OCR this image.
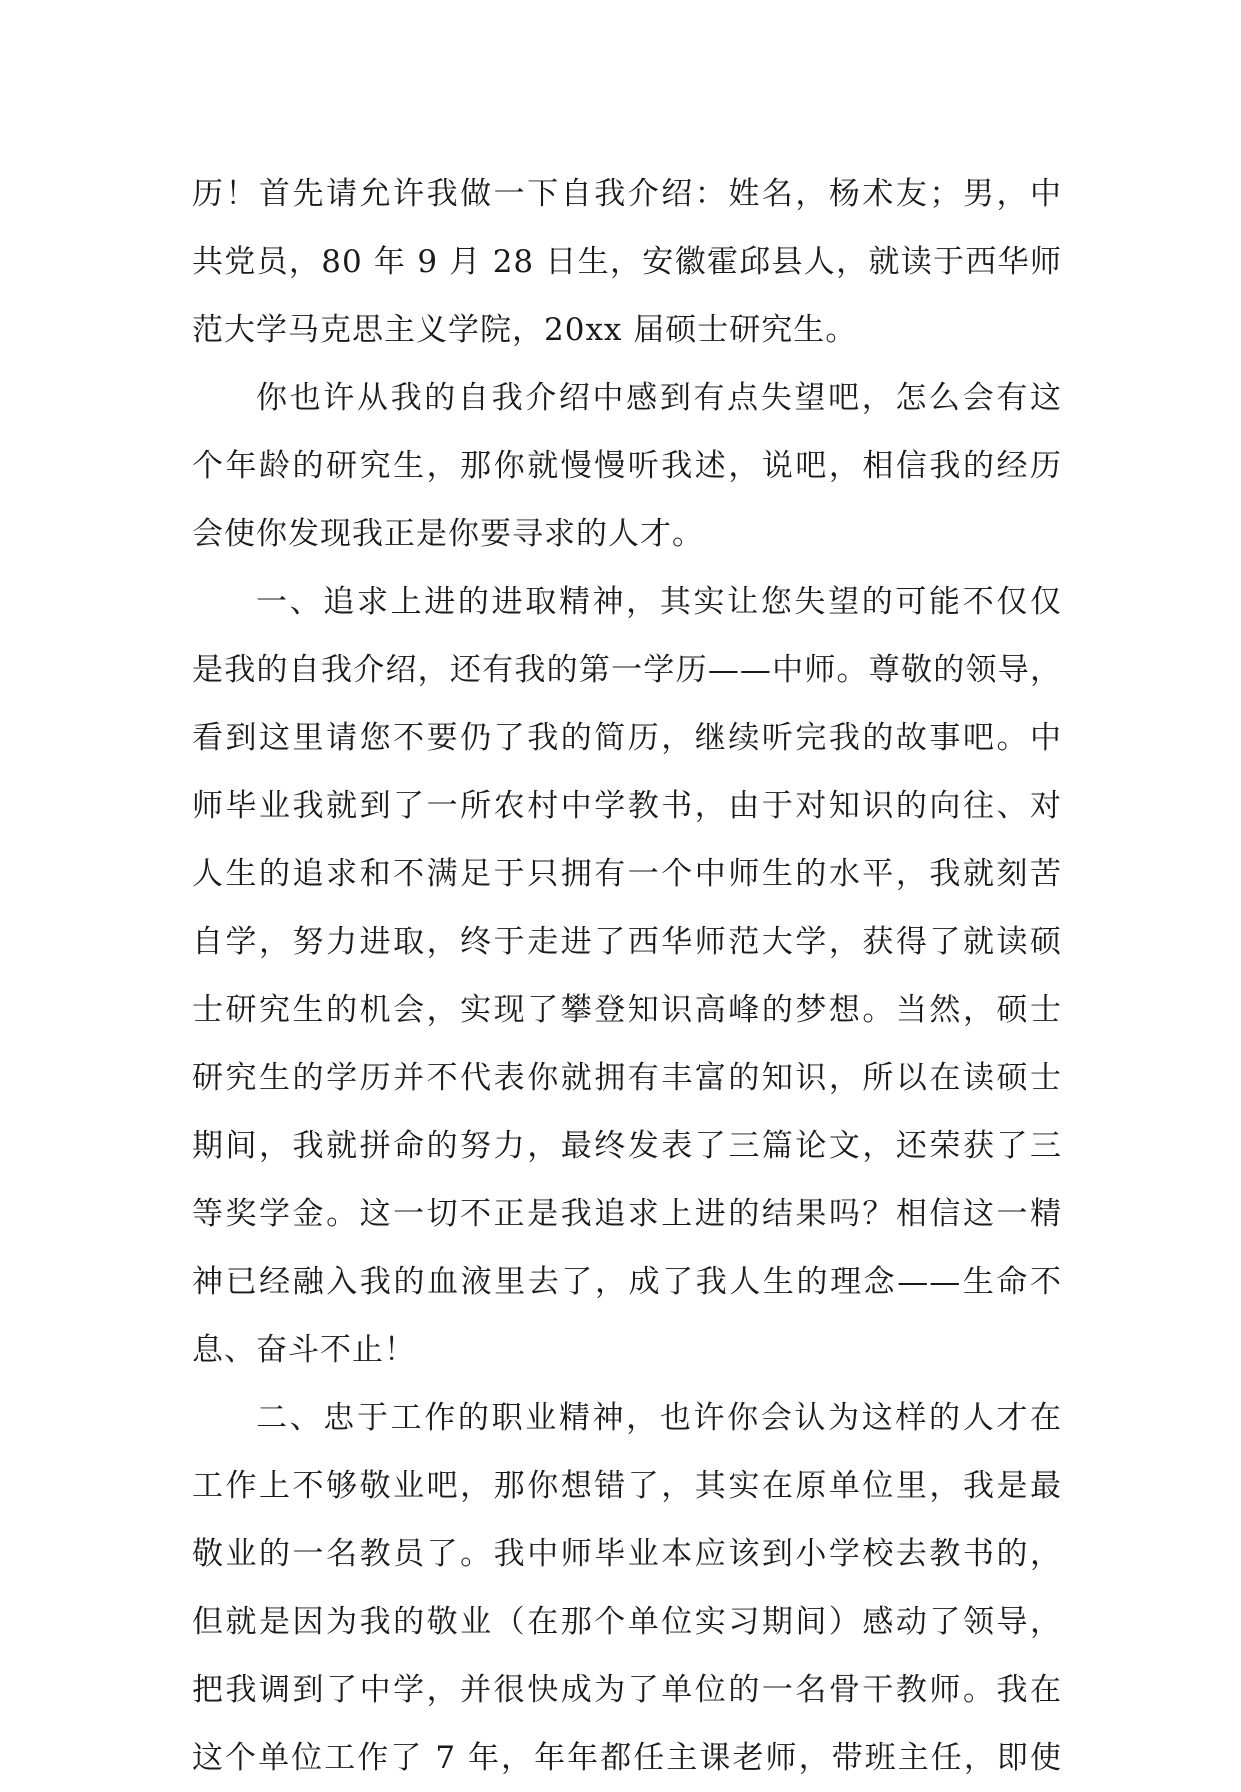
历！首先请允许我做一下自我介绍：姓名，杨术友；男，中
共党员，80 年 9 月 28 日生，安徽霍邱县人，就读于西华师
范大学马克思主义学院，20xx 届硕士研究生。
你也许从我的自我介绍中感到有点失望吧，怎么会有这
个年龄的研究生，那你就慢慢听我述，说吧，相信我的经历
会使你发现我正是你要寻求的人才。
一、追求上进的进取精神，其实让您失望的可能不仅仅
是我的自我介绍，还有我的第一学历——中师。尊敬的领导，
看到这里请您不要仍了我的简历，继续听完我的故事吧。中
师毕业我就到了一所农村中学教书，由于对知识的向往、对
人生的追求和不满足于只拥有一个中师生的水平，我就刻苦
自学，努力进取，终于走进了西华师范大学，获得了就读硕
士研究生的机会，实现了攀登知识高峰的梦想。当然，硕士
研究生的学历并不代表你就拥有丰富的知识，所以在读硕士
期间，我就拼命的努力，最终发表了三篇论文，还荣获了三
等奖学金。这一切不正是我追求上进的结果吗？相信这一精
神已经融入我的血液里去了，成了我人生的理念——生命不
息、奋斗不止！
二、忠于工作的职业精神，也许你会认为这样的人才在
工作上不够敬业吧，那你想错了，其实在原单位里，我是最
敬业的一名教员了。我中师毕业本应该到小学校去教书的，
但就是因为我的敬业（在那个单位实习期间）感动了领导，
把我调到了中学，并很快成为了单位的一名骨干教师。我在
这个单位工作了 7 年，年年都任主课老师，带班主任，即使
